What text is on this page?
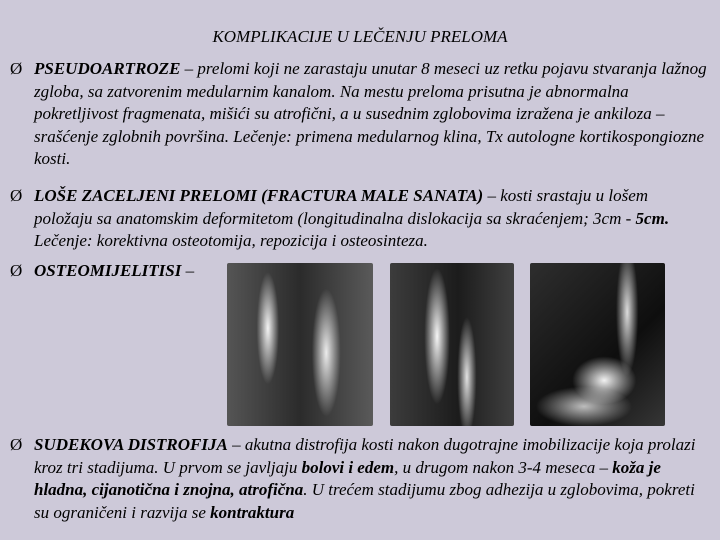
KOMPLIKACIJE U LEČENJU PRELOMA
Ø PSEUDOARTROZE – prelomi koji ne zarastaju unutar 8 meseci uz retku pojavu stvaranja lažnog zgloba, sa zatvorenim medularnim kanalom. Na mestu preloma prisutna je abnormalna pokretljivost fragmenata, mišići su atrofični, a u susednim zglobovima izražena je ankiloza –srašćenje zglobnih površina. Lečenje: primena medularnog klina, Tx autologne kortikospongiozne kosti.
Ø LOŠE ZACELJENI PRELOMI (FRACTURA MALE SANATA) – kosti srastaju u lošem položaju sa anatomskim deformitetom (longitudinalna dislokacija sa skraćenjem; 3cm - 5cm. Lečenje: korektivna osteotomija, repozicija i osteosinteza.
Ø OSTEOMIJELITISI –
Ø SUDEKOVA DISTROFIJA – akutna distrofija kosti nakon dugotrajne imobilizacije koja prolazi kroz tri stadijuma. U prvom se javljaju bolovi i edem, u drugom nakon 3-4 meseca – koža je hladna, cijanotična i znojna, atrofična. U trećem stadijumu zbog adhezija u zglobovima, pokreti su ograničeni i razvija se kontraktura
